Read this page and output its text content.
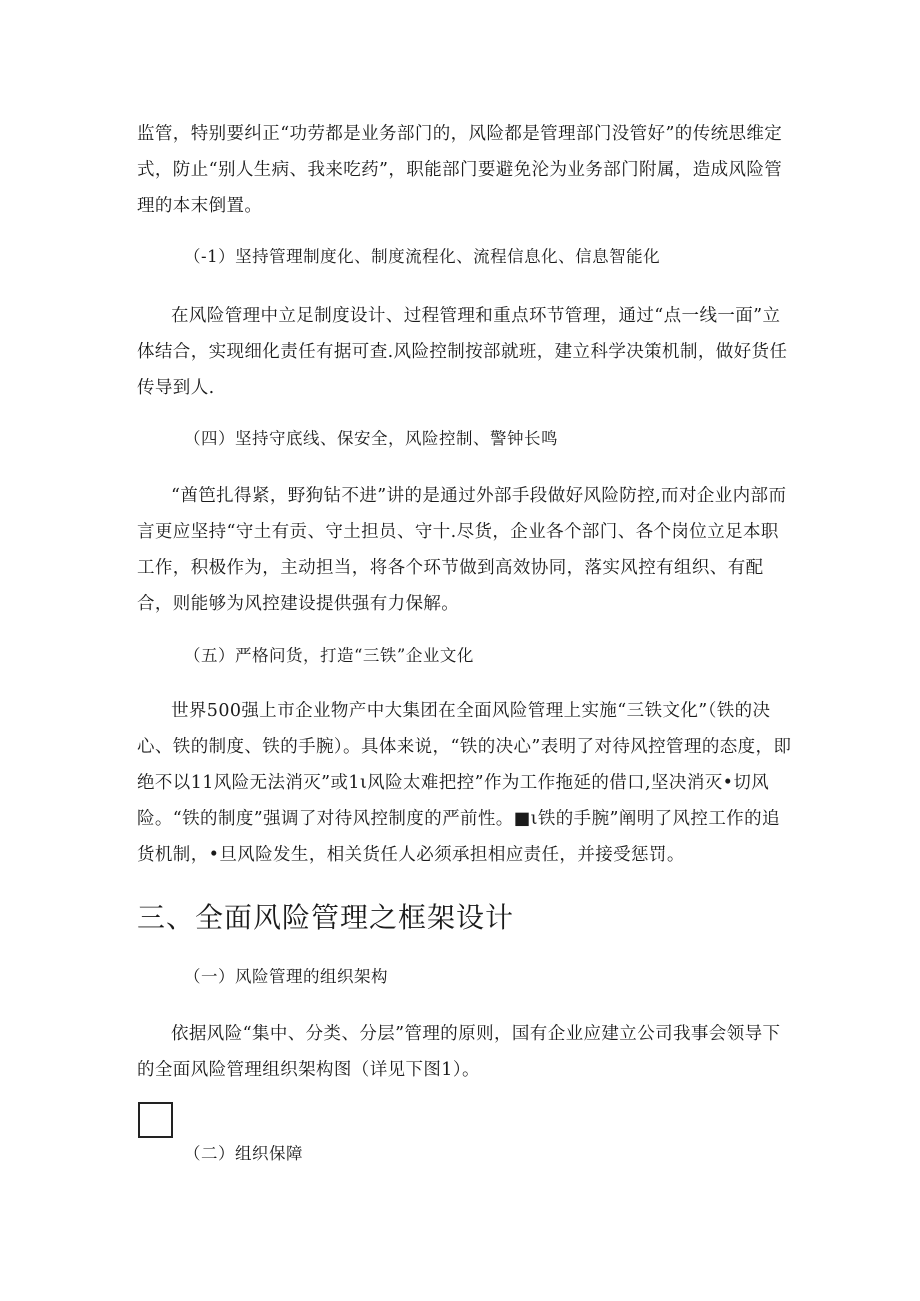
监管，特别要纠正“功劳都是业务部门的，风险都是管理部门没管好”的传统思维定式，防止“别人生病、我来吃药”，职能部门要避免沦为业务部门附属，造成风险管理的本末倒置。

（-1）坚持管理制度化、制度流程化、流程信息化、信息智能化

在风险管理中立足制度设计、过程管理和重点环节管理，通过“点一线一面”立体结合，实现细化责任有据可查.风险控制按部就班，建立科学决策机制，做好货任传导到人.

（四）坚持守底线、保安全，风险控制、警钟长鸣

“酋笆扎得紧，野狗钻不进”讲的是通过外部手段做好风险防控,而对企业内部而言更应坚持“守土有贡、守土担员、守十.尽货，企业各个部门、各个岗位立足本职工作，积极作为，主动担当，将各个环节做到高效协同，落实风控有组织、有配合，则能够为风控建设提供强有力保解。

（五）严格问货，打造“三铁”企业文化

世界500强上市企业物产中大集团在全面风险管理上实施“三铁文化”（铁的决心、铁的制度、铁的手腕）。具体来说，“铁的决心”表明了对待风控管理的态度，即绝不以11风险无法消灭”或1ι风险太难把控”作为工作拖延的借口,坚决消灭•切风险。“铁的制度”强调了对待风控制度的严前性。■ι铁的手腕”阐明了风控工作的追货机制，•旦风险发生，相关货任人必须承担相应责任，并接受惩罚。

三、全面风险管理之框架设计

（一）风险管理的组织架构

依据风险“集中、分类、分层”管理的原则，国有企业应建立公司我事会领导下的全面风险管理组织架构图（详见下图1）。

（二）组织保障
